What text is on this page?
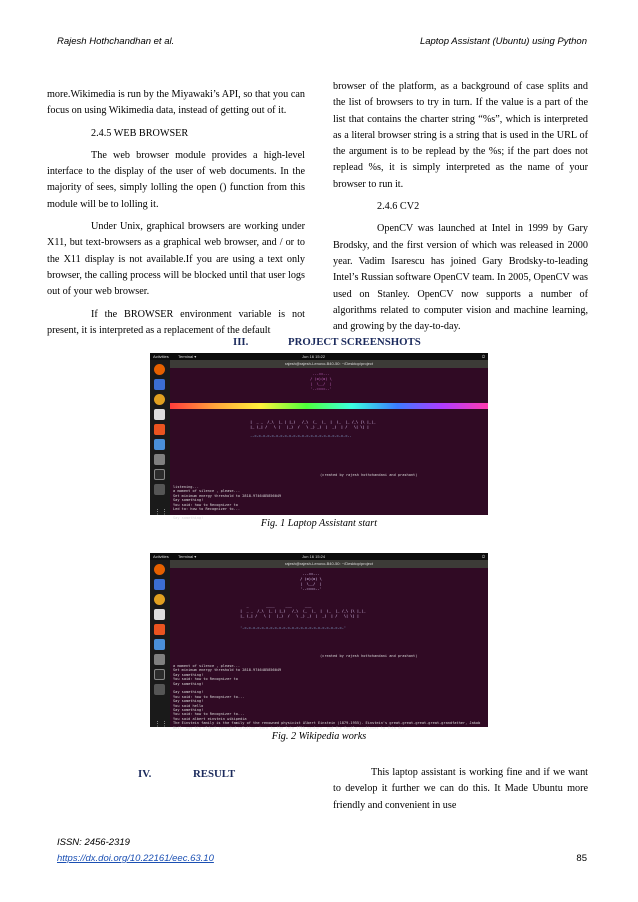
Rajesh Hothchandhan et al.	Laptop Assistant (Ubuntu) using Python

more.Wikimedia is run by the Miyawaki’s API, so that you can focus on using Wikimedia data, instead of getting out of it.

2.4.5 WEB BROWSER

The web browser module provides a high-level interface to the display of the user of web documents. In the majority of sees, simply lolling the open () function from this module will be to lolling it.

Under Unix, graphical browsers are working under X11, but text-browsers as a graphical web browser, and / or to the X11 display is not available.If you are using a text only browser, the calling process will be blocked until that user logs out of your web browser.

If the BROWSER environment variable is not present, it is interpreted as a replacement of the default

browser of the platform, as a background of case splits and the list of browsers to try in turn. If the value is a part of the list that contains the charter string “%s”, which is interpreted as a literal browser string is a string that is used in the URL of the argument is to be replead by the %s; if the part does not replead %s, it is simply interpreted as the name of your browser to run it.

2.4.6 CV2

OpenCV was launched at Intel in 1999 by Gary Brodsky, and the first version of which was released in 2000 year. Vadim Isarescu has joined Gary Brodsky-to-leading Intel’s Russian software OpenCV team. In 2005, OpenCV was used on Stanley. OpenCV now supports a number of algorithms related to computer vision and machine learning, and growing by the day-to-day.

III.	PROJECT SCREENSHOTS
Activities Terminal ▾	Jun 16 15:22	⏻
⋮⋮
rajesh@rajesh-Lenovo-B40-50: ~/Desktop/project
.--==--.
/ (o)(o) \
|  \__/  |
'--====--'
|  _ _  /_\  |_ | |_)   /_\  (_  (_  |  (_  |_ /_\ |\ |_|_
|_ (_| /   \ |   |_)  /   \ _) _)  |  _)  | /   \| \| |
.-=-=-=-=-=-=-=-=-=-=-=-=-=-=-=-=-=-=-=-=-=-=-.
(created by rajesh hothchandani and prashant)
listening...
a moment of silence , please...
Set minimum energy threshold to 2818.9746485856049
Say something!
You said: how to Recognizer to
Led to: how to Recognizer to...
Say something!
Fig. 1 Laptop Assistant start
Activities Terminal ▾	Jun 16 15:24	⏻
⋮⋮
rajesh@rajesh-Lenovo-B40-50: ~/Desktop/project
.--==--.
/ (o)(o) \
|  \__/  |
'--====--'
_        ____     ___      ___
|  _ _  /_\  |_ | |_)   /_\  (_  (_  |  (_  |_ /_\ |\ |_|_
|_ (_| /   \ |   |_)  /   \ _) _)  |  _)  | /   \| \| |
'-=-=-=-=-=-=-=-=-=-=-=-=-=-=-=-=-=-=-=-=-=-=-=-'
(created by rajesh hothchandani and prashant)
a moment of silence , please...
Set minimum energy threshold to 2818.9746485856049
Say something!
You said: how to Recognizer to
Say something!
Say something!
You said: how to Recognizer to...
Say something!
You said hello
Say something!
You said: how to Recognizer to...
You said albert einstein wikipedia
The Einstein family is the family of the renowned physicist Albert Einstein (1879-1955). Einstein's great-great-great-great-grandfather, Jakob
Weil, was his oldest recorded relative, born in the late 17th century, and the family continues to this day.
Fig. 2 Wikipedia works
IV.	RESULT	This laptop assistant is working fine and if we want to develop it further we can do this. It Made Ubuntu more friendly and convenient in use
ISSN: 2456-2319
https://dx.doi.org/10.22161/eec.63.10	85
